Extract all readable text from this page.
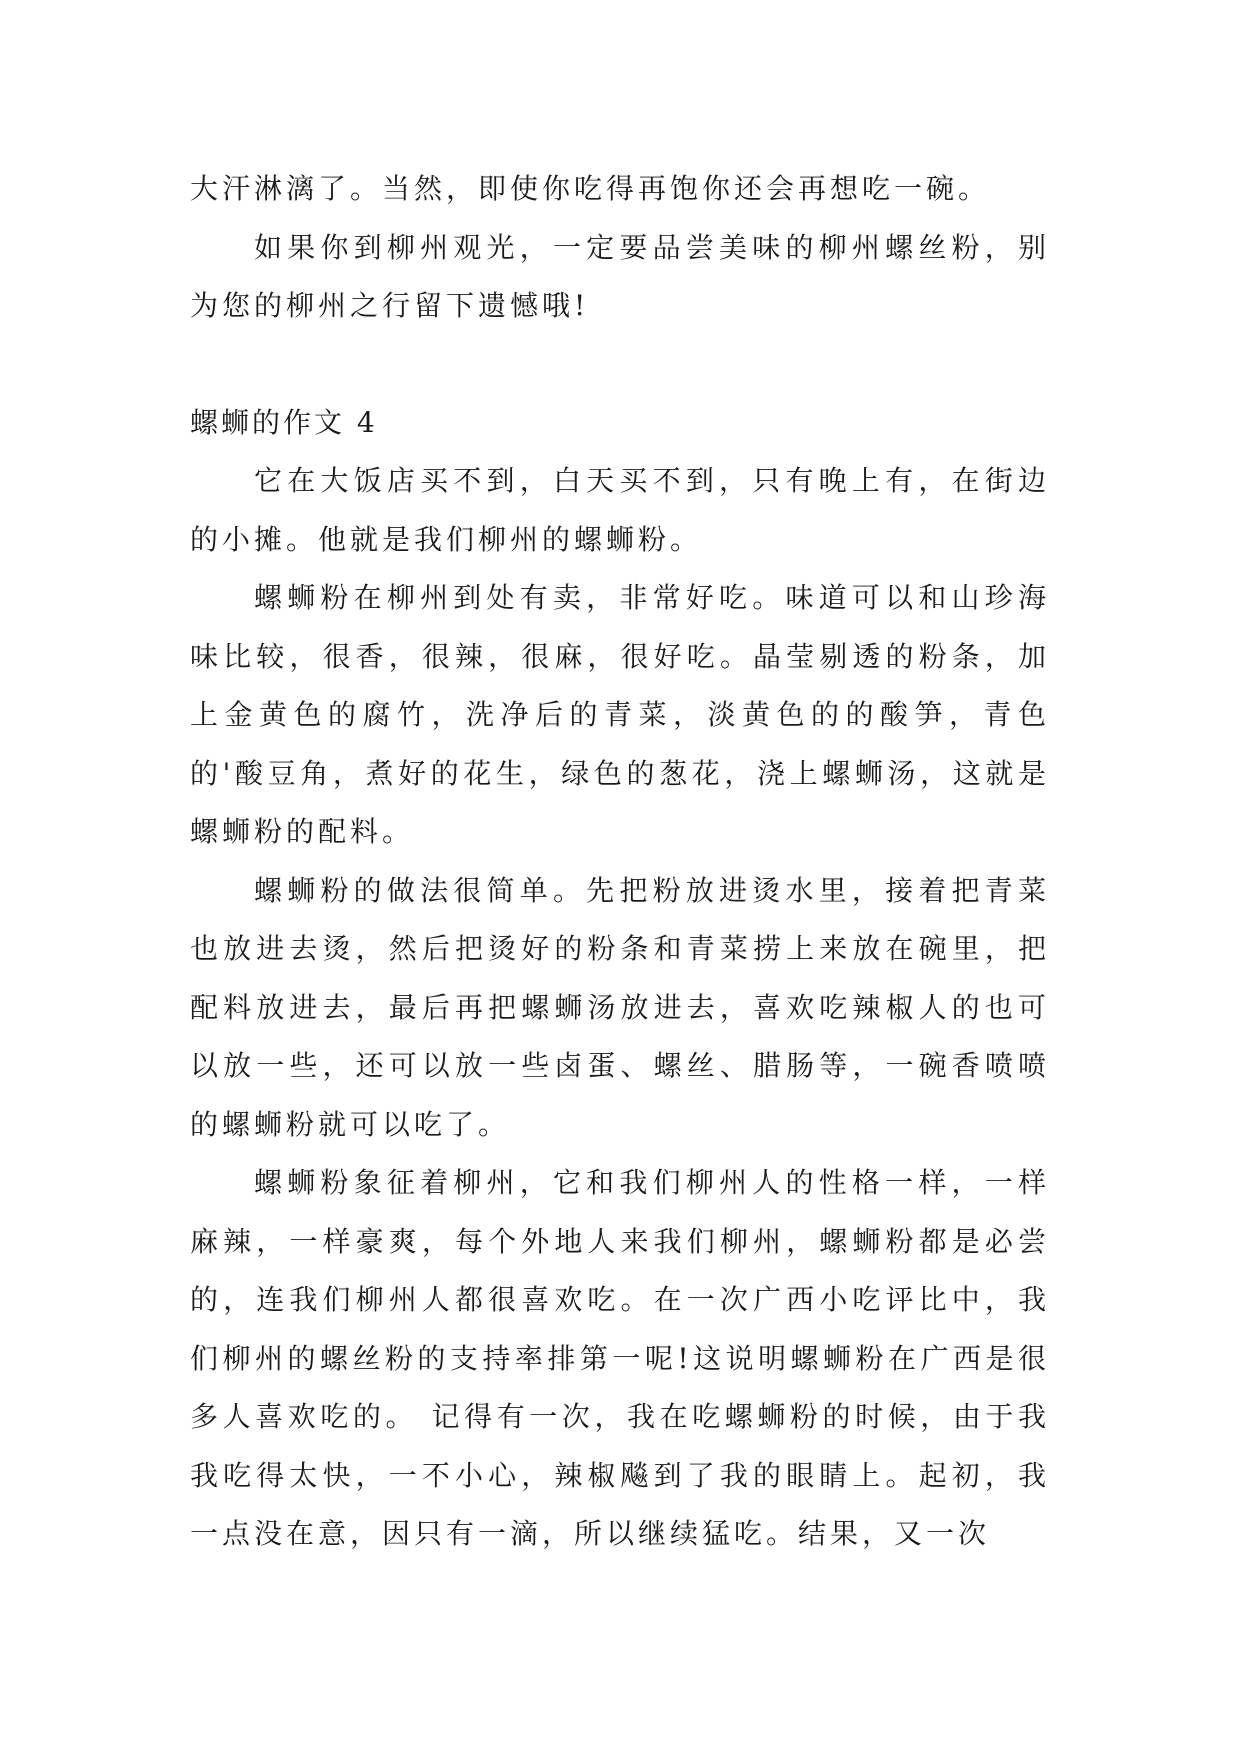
大汗淋漓了。当然，即使你吃得再饱你还会再想吃一碗。

如果你到柳州观光，一定要品尝美味的柳州螺丝粉，别为您的柳州之行留下遗憾哦!

螺蛳的作文 4

它在大饭店买不到，白天买不到，只有晚上有，在街边的小摊。他就是我们柳州的螺蛳粉。

螺蛳粉在柳州到处有卖，非常好吃。味道可以和山珍海味比较，很香，很辣，很麻，很好吃。晶莹剔透的粉条，加上金黄色的腐竹，洗净后的青菜，淡黄色的的酸笋，青色的'酸豆角，煮好的花生，绿色的葱花，浇上螺蛳汤，这就是螺蛳粉的配料。

螺蛳粉的做法很简单。先把粉放进烫水里，接着把青菜也放进去烫，然后把烫好的粉条和青菜捞上来放在碗里，把配料放进去，最后再把螺蛳汤放进去，喜欢吃辣椒人的也可以放一些，还可以放一些卤蛋、螺丝、腊肠等，一碗香喷喷的螺蛳粉就可以吃了。

螺蛳粉象征着柳州，它和我们柳州人的性格一样，一样麻辣，一样豪爽，每个外地人来我们柳州，螺蛳粉都是必尝的，连我们柳州人都很喜欢吃。在一次广西小吃评比中，我们柳州的螺丝粉的支持率排第一呢!这说明螺蛳粉在广西是很多人喜欢吃的。 记得有一次，我在吃螺蛳粉的时候，由于我我吃得太快，一不小心，辣椒飚到了我的眼睛上。起初，我一点没在意，因只有一滴，所以继续猛吃。结果，又一次
